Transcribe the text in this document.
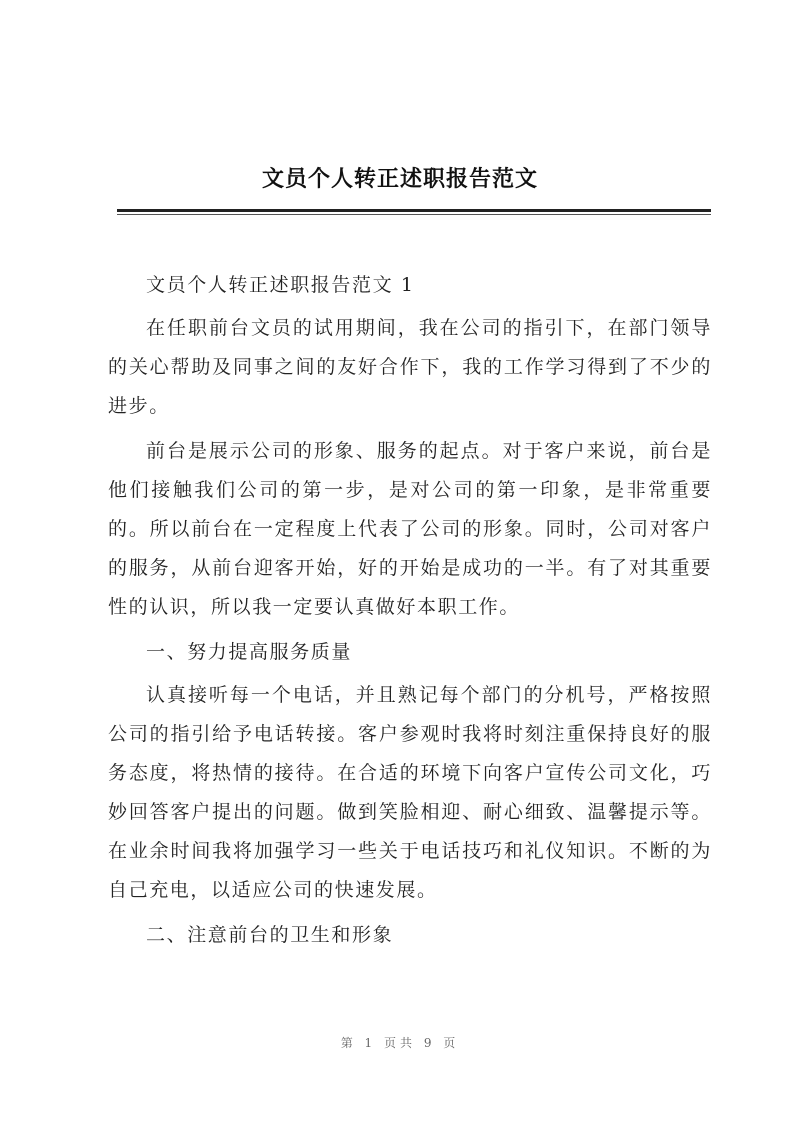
文员个人转正述职报告范文

文员个人转正述职报告范文 1

在任职前台文员的试用期间，我在公司的指引下，在部门领导的关心帮助及同事之间的友好合作下，我的工作学习得到了不少的进步。

前台是展示公司的形象、服务的起点。对于客户来说，前台是他们接触我们公司的第一步，是对公司的第一印象，是非常重要的。所以前台在一定程度上代表了公司的形象。同时，公司对客户的服务，从前台迎客开始，好的开始是成功的一半。有了对其重要性的认识，所以我一定要认真做好本职工作。

一、努力提高服务质量

认真接听每一个电话，并且熟记每个部门的分机号，严格按照公司的指引给予电话转接。客户参观时我将时刻注重保持良好的服务态度，将热情的接待。在合适的环境下向客户宣传公司文化，巧妙回答客户提出的问题。做到笑脸相迎、耐心细致、温馨提示等。在业余时间我将加强学习一些关于电话技巧和礼仪知识。不断的为自己充电，以适应公司的快速发展。

二、注意前台的卫生和形象

第 1 页共 9 页
